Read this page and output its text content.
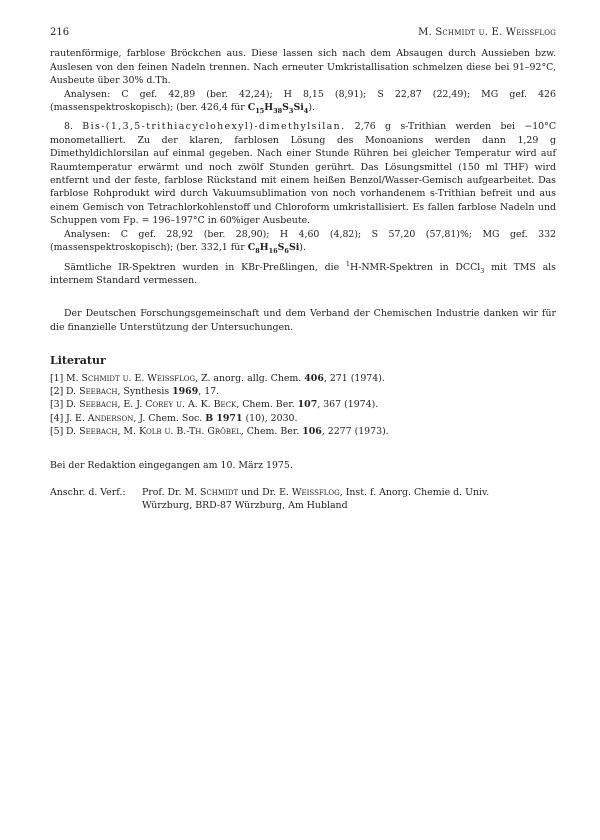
216	M. Schmidt u. E. Weissflog

rautenförmige, farblose Bröckchen aus. Diese lassen sich nach dem Absaugen durch Aussieben bzw. Auslesen von den feinen Nadeln trennen. Nach erneuter Umkristallisation schmelzen diese bei 91–92°C, Ausbeute über 30% d.Th.

Analysen: C gef. 42,89 (ber. 42,24); H 8,15 (8,91); S 22,87 (22,49); MG gef. 426 (massenspektroskopisch); (ber. 426,4 für $C_{15}H_{38}S_3Si_4$).

8. Bis-(1,3,5-trithiacyclohexyl)-dimethylsilan. 2,76 g s-Trithian werden bei −10°C monometalliert. Zu der klaren, farblosen Lösung des Monoanions werden dann 1,29 g Dimethyldichlorsilan auf einmal gegeben. Nach einer Stunde Rühren bei gleicher Temperatur wird auf Raumtemperatur erwärmt und noch zwölf Stunden gerührt. Das Lösungsmittel (150 ml THF) wird entfernt und der feste, farblose Rückstand mit einem heißen Benzol/Wasser-Gemisch aufgearbeitet. Das farblose Rohprodukt wird durch Vakuumsublimation von noch vorhandenem s-Trithian befreit und aus einem Gemisch von Tetrachlorkohlenstoff und Chloroform umkristallisiert. Es fallen farblose Nadeln und Schuppen vom Fp. = 196–197°C in 60%iger Ausbeute.

Analysen: C gef. 28,92 (ber. 28,90); H 4,60 (4,82); S 57,20 (57,81)%; MG gef. 332 (massenspektroskopisch); (ber. 332,1 für $C_8H_{16}S_6Si$).

Sämtliche IR-Spektren wurden in KBr-Preßlingen, die $^1$H-NMR-Spektren in DCCl$_3$ mit TMS als internem Standard vermessen.

Der Deutschen Forschungsgemeinschaft und dem Verband der Chemischen Industrie danken wir für die finanzielle Unterstützung der Untersuchungen.

Literatur
[1] M. Schmidt u. E. Weissflog, Z. anorg. allg. Chem. 406, 271 (1974).
[2] D. Seebach, Synthesis 1969, 17.
[3] D. Seebach, E. J. Corey u. A. K. Beck, Chem. Ber. 107, 367 (1974).
[4] J. E. Anderson, J. Chem. Soc. B 1971 (10), 2030.
[5] D. Seebach, M. Kolb u. B.-Th. Gröbel, Chem. Ber. 106, 2277 (1973).

Bei der Redaktion eingegangen am 10. März 1975.

Anschr. d. Verf.:	Prof. Dr. M. Schmidt und Dr. E. Weissflog, Inst. f. Anorg. Chemie d. Univ.
Würzburg, BRD-87 Würzburg, Am Hubland
